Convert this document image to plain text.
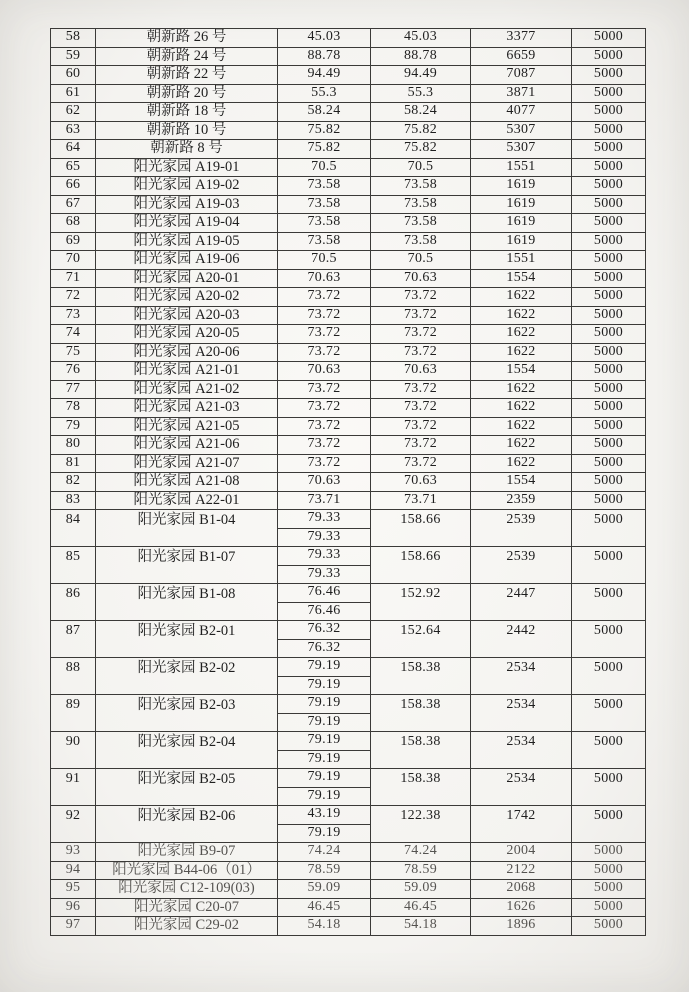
58	朝新路 26 号	45.03	45.03	3377	5000
59	朝新路 24 号	88.78	88.78	6659	5000
60	朝新路 22 号	94.49	94.49	7087	5000
61	朝新路 20 号	55.3	55.3	3871	5000
62	朝新路 18 号	58.24	58.24	4077	5000
63	朝新路 10 号	75.82	75.82	5307	5000
64	朝新路 8 号	75.82	75.82	5307	5000
65	阳光家园 A19-01	70.5	70.5	1551	5000
66	阳光家园 A19-02	73.58	73.58	1619	5000
67	阳光家园 A19-03	73.58	73.58	1619	5000
68	阳光家园 A19-04	73.58	73.58	1619	5000
69	阳光家园 A19-05	73.58	73.58	1619	5000
70	阳光家园 A19-06	70.5	70.5	1551	5000
71	阳光家园 A20-01	70.63	70.63	1554	5000
72	阳光家园 A20-02	73.72	73.72	1622	5000
73	阳光家园 A20-03	73.72	73.72	1622	5000
74	阳光家园 A20-05	73.72	73.72	1622	5000
75	阳光家园 A20-06	73.72	73.72	1622	5000
76	阳光家园 A21-01	70.63	70.63	1554	5000
77	阳光家园 A21-02	73.72	73.72	1622	5000
78	阳光家园 A21-03	73.72	73.72	1622	5000
79	阳光家园 A21-05	73.72	73.72	1622	5000
80	阳光家园 A21-06	73.72	73.72	1622	5000
81	阳光家园 A21-07	73.72	73.72	1622	5000
82	阳光家园 A21-08	70.63	70.63	1554	5000
83	阳光家园 A22-01	73.71	73.71	2359	5000
84	阳光家园 B1-04	79.33	158.66	2539	5000
		79.33			
85	阳光家园 B1-07	79.33	158.66	2539	5000
		79.33			
86	阳光家园 B1-08	76.46	152.92	2447	5000
		76.46			
87	阳光家园 B2-01	76.32	152.64	2442	5000
		76.32			
88	阳光家园 B2-02	79.19	158.38	2534	5000
		79.19			
89	阳光家园 B2-03	79.19	158.38	2534	5000
		79.19			
90	阳光家园 B2-04	79.19	158.38	2534	5000
		79.19			
91	阳光家园 B2-05	79.19	158.38	2534	5000
		79.19			
92	阳光家园 B2-06	43.19	122.38	1742	5000
		79.19			
93	阳光家园 B9-07	74.24	74.24	2004	5000
94	阳光家园 B44-06（01）	78.59	78.59	2122	5000
95	阳光家园 C12-109(03)	59.09	59.09	2068	5000
96	阳光家园 C20-07	46.45	46.45	1626	5000
97	阳光家园 C29-02	54.18	54.18	1896	5000
